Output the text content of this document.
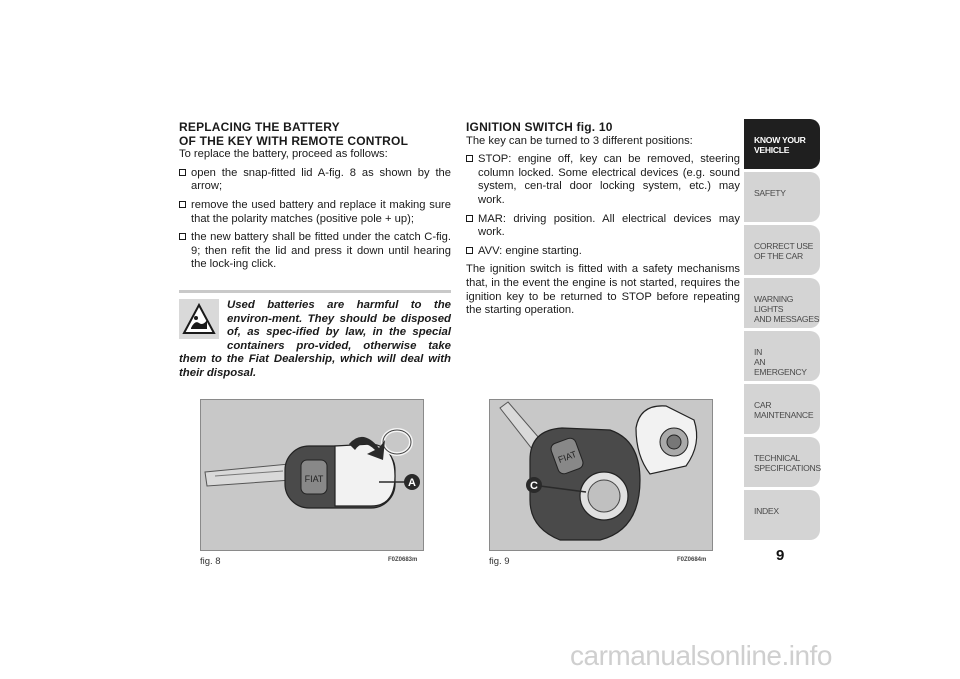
REPLACING THE BATTERY
OF THE KEY WITH REMOTE CONTROL

To replace the battery, proceed as follows:

open the snap-fitted lid A-fig. 8 as shown by the arrow;
remove the used battery and replace it making sure that the polarity matches (positive pole + up);
the new battery shall be fitted under the catch C-fig. 9; then refit the lid and press it down until hearing the lock-ing click.
Used batteries are harmful to the environ-ment. They should be disposed of, as spec-ified by law, in the special containers pro-vided, otherwise take them to the Fiat Dealership, which will deal with their disposal.
IGNITION SWITCH fig. 10

The key can be turned to 3 different positions:

STOP: engine off, key can be removed, steering column locked. Some electrical devices (e.g. sound system, cen-tral door locking system, etc.) may work.
MAR: driving position. All electrical devices may work.
AVV: engine starting.

The ignition switch is fitted with a safety mechanisms that, in the event the engine is not started, requires the ignition key to be returned to STOP before repeating the starting operation.

FIAT	A
fig. 8	F0Z0683m
FIAT
C
fig. 9	F0Z0684m
KNOW YOUR
VEHICLE
SAFETY
CORRECT USE
OF THE CAR
WARNING LIGHTS
AND MESSAGES
IN
AN EMERGENCY
CAR
MAINTENANCE
TECHNICAL
SPECIFICATIONS
INDEX
9
carmanualsonline.info
